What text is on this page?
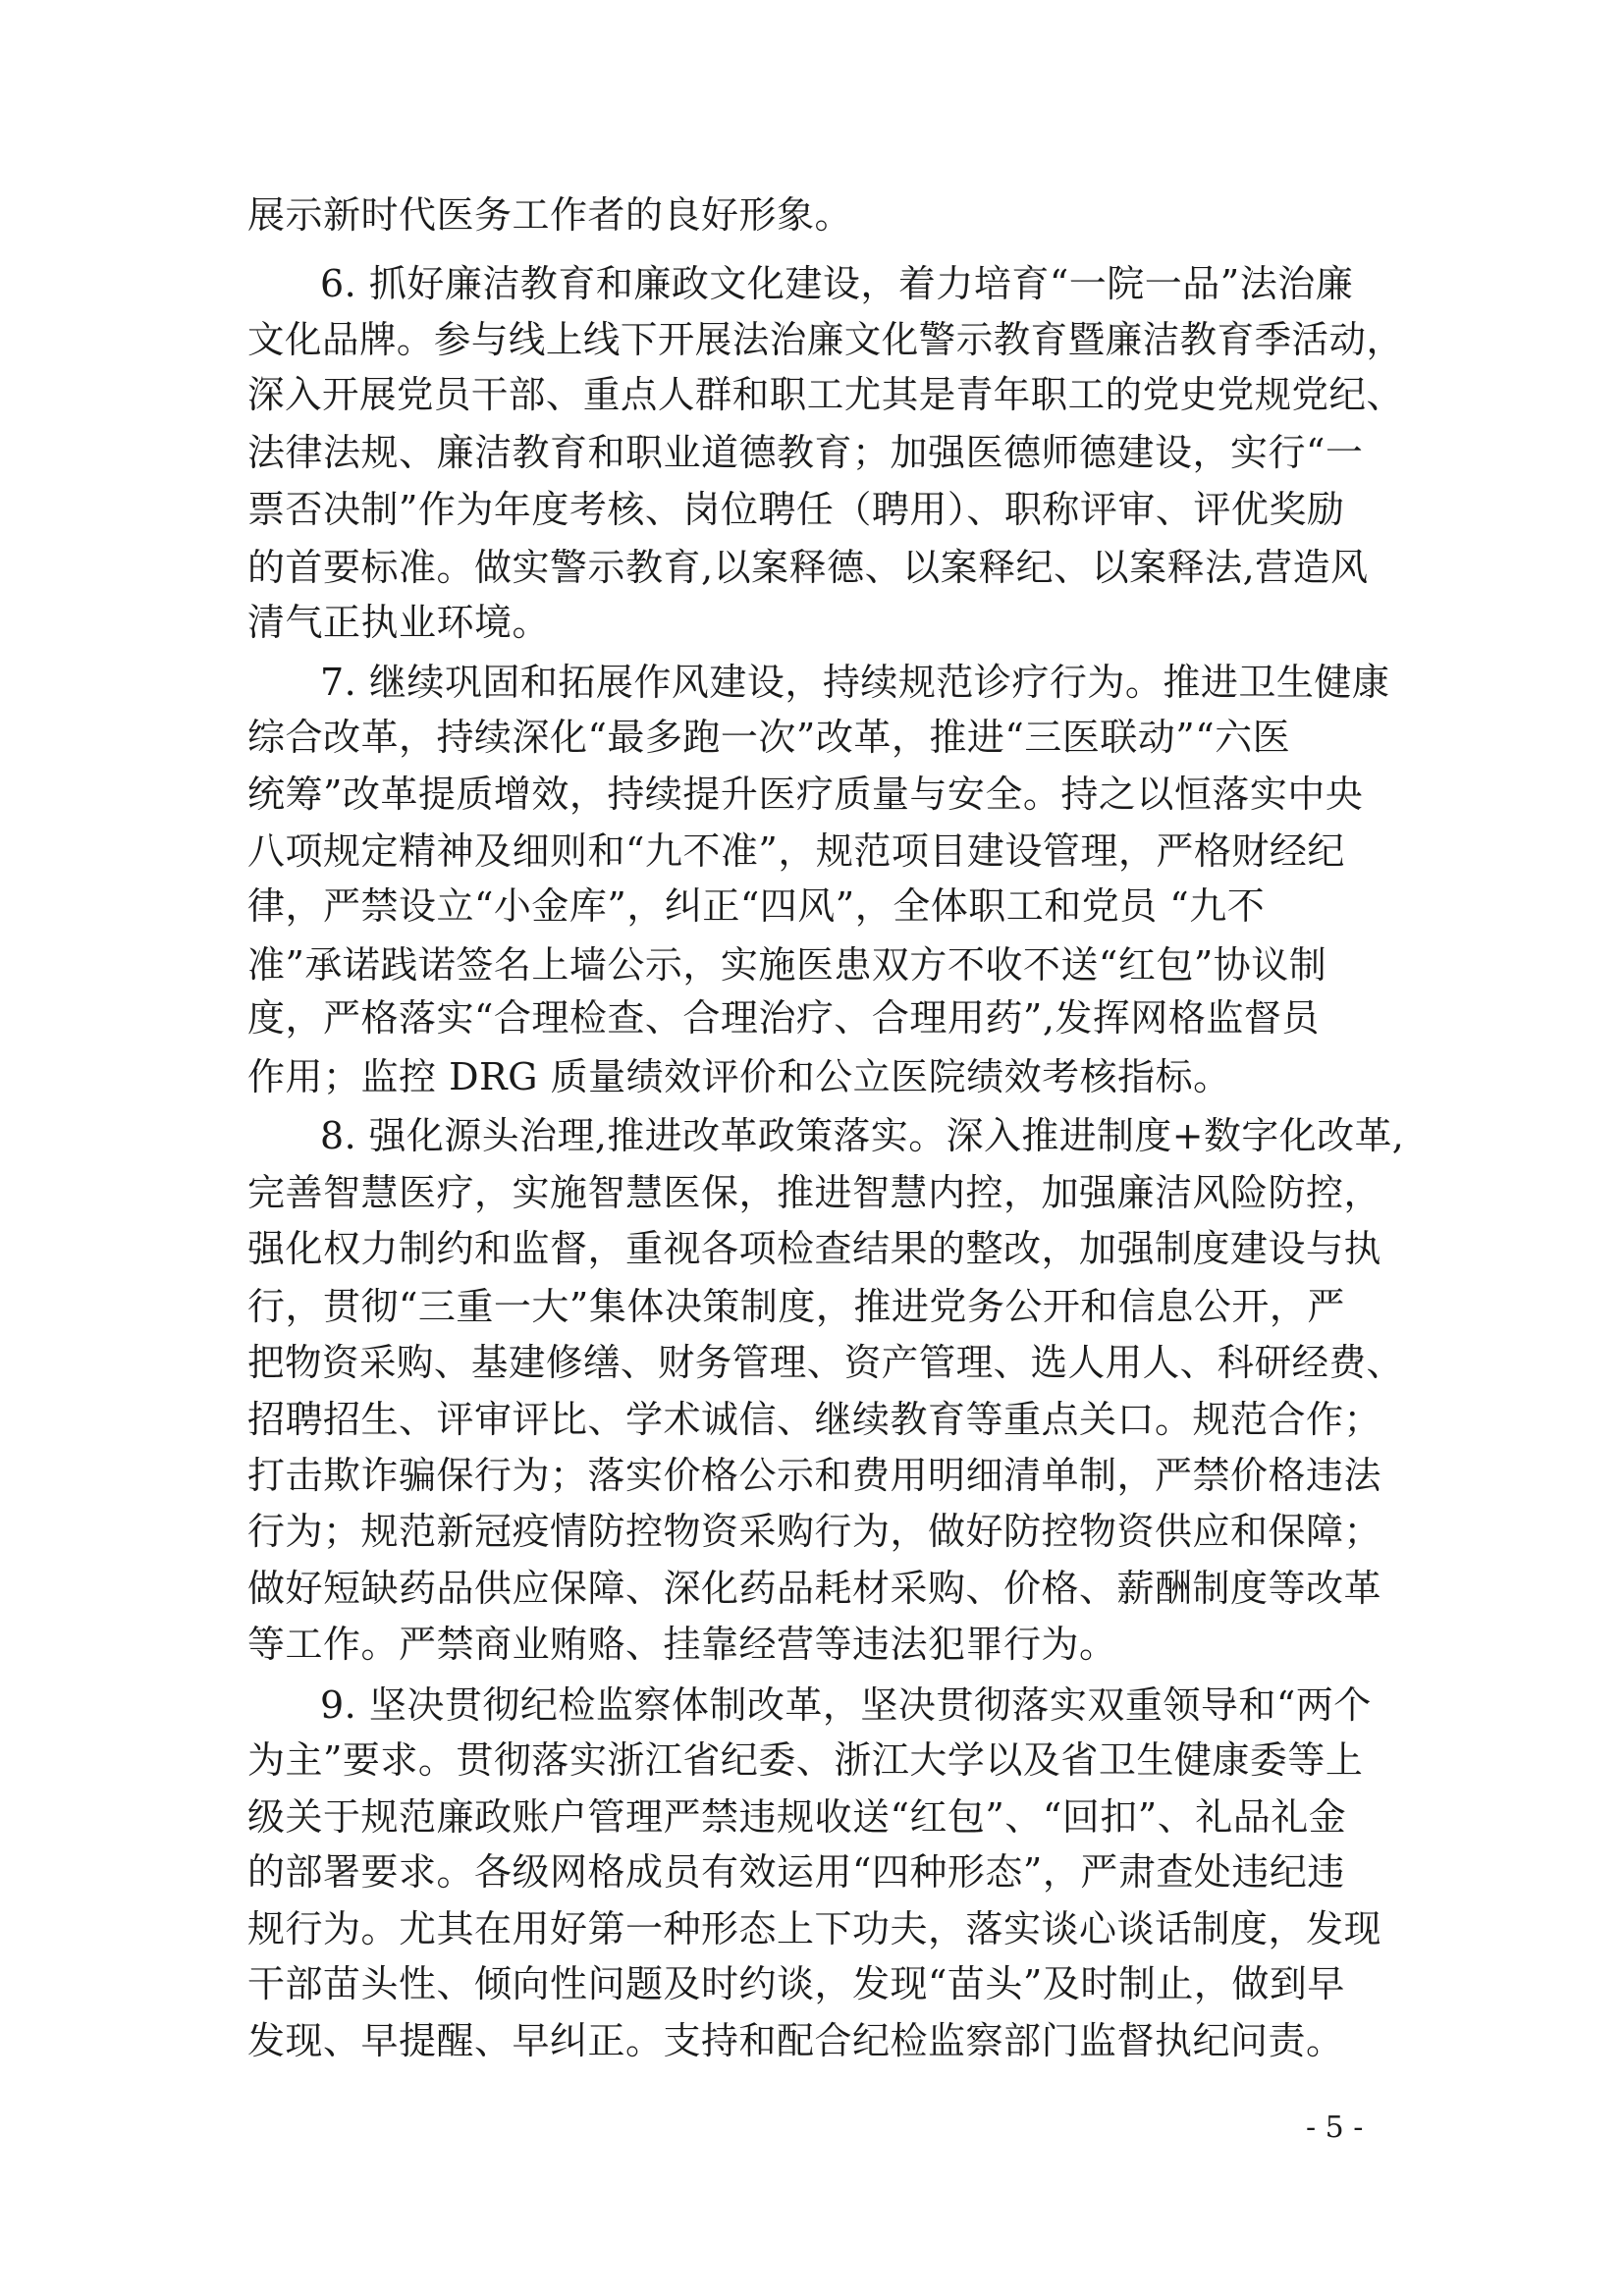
展示新时代医务工作者的良好形象。
6. 抓好廉洁教育和廉政文化建设，着力培育“一院一品”法治廉
文化品牌。参与线上线下开展法治廉文化警示教育暨廉洁教育季活动，
深入开展党员干部、重点人群和职工尤其是青年职工的党史党规党纪、
法律法规、廉洁教育和职业道德教育；加强医德师德建设，实行“一
票否决制”作为年度考核、岗位聘任（聘用）、职称评审、评优奖励
的首要标准。做实警示教育,以案释德、以案释纪、以案释法,营造风
清气正执业环境。
7. 继续巩固和拓展作风建设，持续规范诊疗行为。推进卫生健康
综合改革，持续深化“最多跑一次”改革，推进“三医联动”“六医
统筹”改革提质增效，持续提升医疗质量与安全。持之以恒落实中央
八项规定精神及细则和“九不准”，规范项目建设管理，严格财经纪
律，严禁设立“小金库”，纠正“四风”，全体职工和党员 “九不
准”承诺践诺签名上墙公示，实施医患双方不收不送“红包”协议制
度，严格落实“合理检查、合理治疗、合理用药”,发挥网格监督员
作用；监控 DRG 质量绩效评价和公立医院绩效考核指标。
8. 强化源头治理,推进改革政策落实。深入推进制度+数字化改革,
完善智慧医疗，实施智慧医保，推进智慧内控，加强廉洁风险防控，
强化权力制约和监督，重视各项检查结果的整改，加强制度建设与执
行，贯彻“三重一大”集体决策制度，推进党务公开和信息公开，严
把物资采购、基建修缮、财务管理、资产管理、选人用人、科研经费、
招聘招生、评审评比、学术诚信、继续教育等重点关口。规范合作；
打击欺诈骗保行为；落实价格公示和费用明细清单制，严禁价格违法
行为；规范新冠疫情防控物资采购行为，做好防控物资供应和保障；
做好短缺药品供应保障、深化药品耗材采购、价格、薪酬制度等改革
等工作。严禁商业贿赂、挂靠经营等违法犯罪行为。
9. 坚决贯彻纪检监察体制改革，坚决贯彻落实双重领导和“两个
为主”要求。贯彻落实浙江省纪委、浙江大学以及省卫生健康委等上
级关于规范廉政账户管理严禁违规收送“红包”、“回扣”、礼品礼金
的部署要求。各级网格成员有效运用“四种形态”，严肃查处违纪违
规行为。尤其在用好第一种形态上下功夫，落实谈心谈话制度，发现
干部苗头性、倾向性问题及时约谈，发现“苗头”及时制止，做到早
发现、早提醒、早纠正。支持和配合纪检监察部门监督执纪问责。
- 5 -
